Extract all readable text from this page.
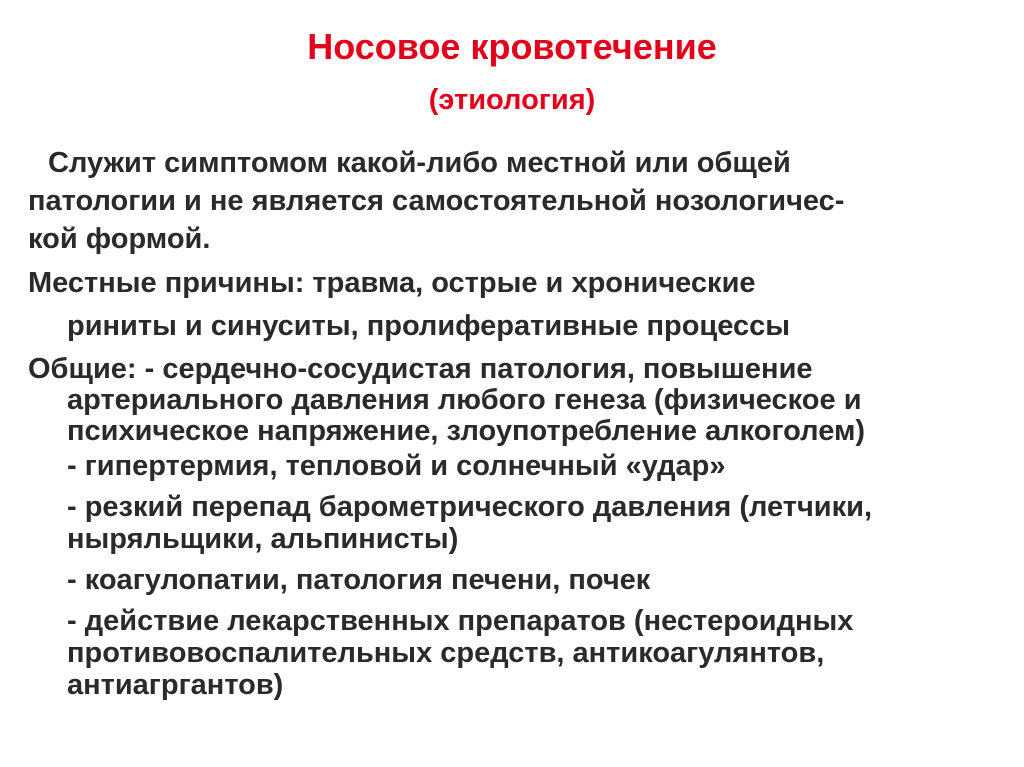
Носовое кровотечение
(этиология)

Служит симптомом какой-либо местной или общей

патологии и не является самостоятельной нозологичес-

кой формой.

Местные причины: травма, острые и хронические

риниты и синуситы, пролиферативные процессы

Общие: - сердечно-сосудистая патология, повышение

артериального давления любого генеза (физическое и

психическое напряжение, злоупотребление алкоголем)

- гипертермия, тепловой и солнечный «удар»

- резкий перепад барометрического давления (летчики,

ныряльщики, альпинисты)

- коагулопатии, патология печени, почек

- действие лекарственных препаратов (нестероидных

противовоспалительных средств, антикоагулянтов,

антиагргантов)
